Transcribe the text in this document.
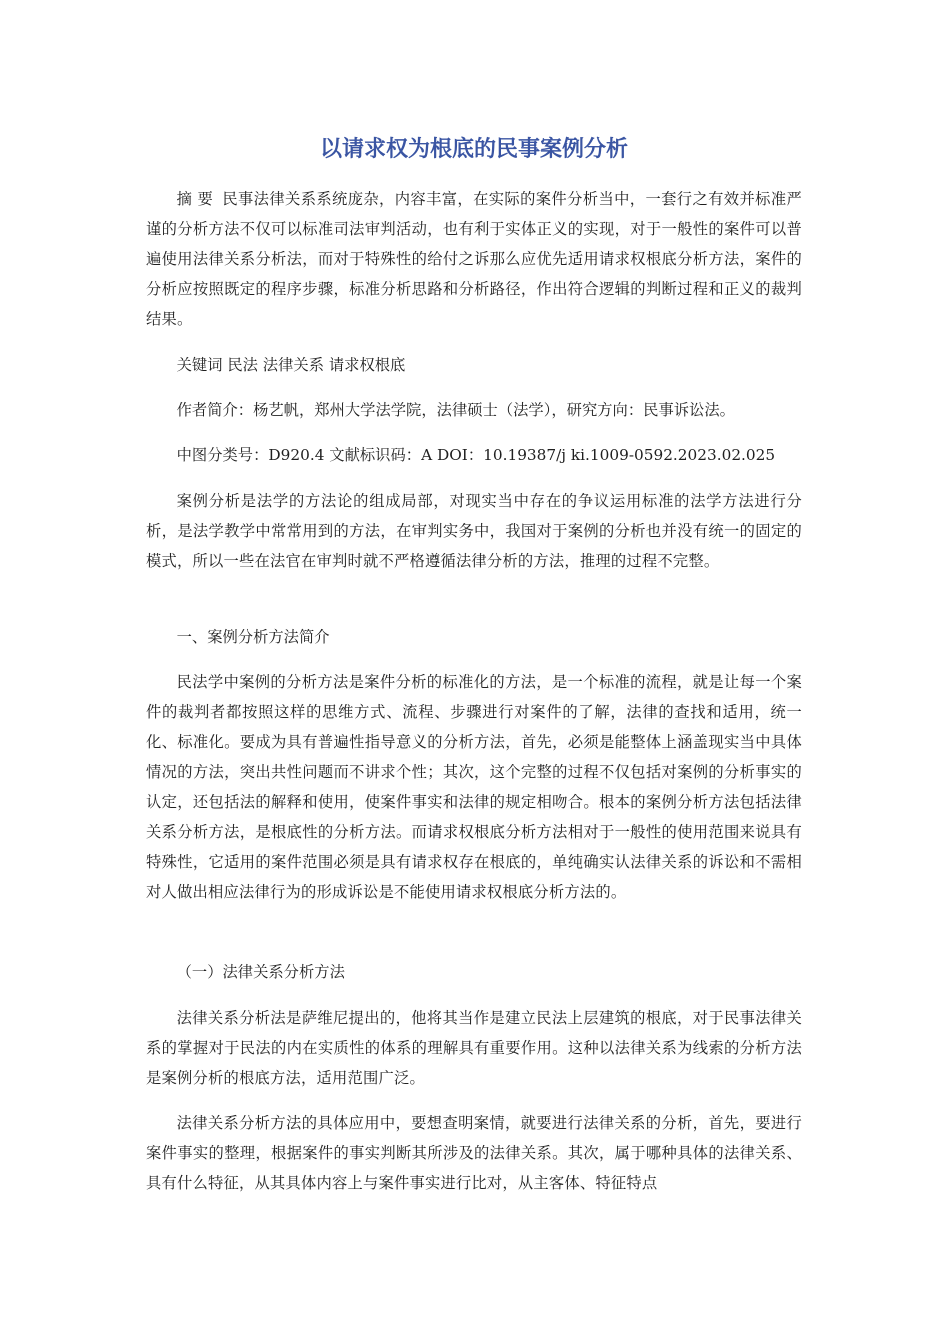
以请求权为根底的民事案例分析

摘 要 民事法律关系系统庞杂，内容丰富，在实际的案件分析当中，一套行之有效并标准严谨的分析方法不仅可以标准司法审判活动，也有利于实体正义的实现，对于一般性的案件可以普遍使用法律关系分析法，而对于特殊性的给付之诉那么应优先适用请求权根底分析方法，案件的分析应按照既定的程序步骤，标准分析思路和分析路径，作出符合逻辑的判断过程和正义的裁判结果。

关键词 民法 法律关系 请求权根底

作者简介：杨艺帆，郑州大学法学院，法律硕士（法学），研究方向：民事诉讼法。

中图分类号：D920.4 文献标识码：A DOI：10.19387/j ki.1009-0592.2023.02.025

案例分析是法学的方法论的组成局部，对现实当中存在的争议运用标准的法学方法进行分析，是法学教学中常常用到的方法，在审判实务中，我国对于案例的分析也并没有统一的固定的模式，所以一些在法官在审判时就不严格遵循法律分析的方法，推理的过程不完整。

一、案例分析方法简介

民法学中案例的分析方法是案件分析的标准化的方法，是一个标准的流程，就是让每一个案件的裁判者都按照这样的思维方式、流程、步骤进行对案件的了解，法律的查找和适用，统一化、标准化。要成为具有普遍性指导意义的分析方法，首先，必须是能整体上涵盖现实当中具体情况的方法，突出共性问题而不讲求个性；其次，这个完整的过程不仅包括对案例的分析事实的认定，还包括法的解释和使用，使案件事实和法律的规定相吻合。根本的案例分析方法包括法律关系分析方法，是根底性的分析方法。而请求权根底分析方法相对于一般性的使用范围来说具有特殊性，它适用的案件范围必须是具有请求权存在根底的，单纯确实认法律关系的诉讼和不需相对人做出相应法律行为的形成诉讼是不能使用请求权根底分析方法的。

（一）法律关系分析方法

法律关系分析法是萨维尼提出的，他将其当作是建立民法上层建筑的根底，对于民事法律关系的掌握对于民法的内在实质性的体系的理解具有重要作用。这种以法律关系为线索的分析方法是案例分析的根底方法，适用范围广泛。

法律关系分析方法的具体应用中，要想查明案情，就要进行法律关系的分析，首先，要进行案件事实的整理，根据案件的事实判断其所涉及的法律关系。其次，属于哪种具体的法律关系、具有什么特征，从其具体内容上与案件事实进行比对，从主客体、特征特点
